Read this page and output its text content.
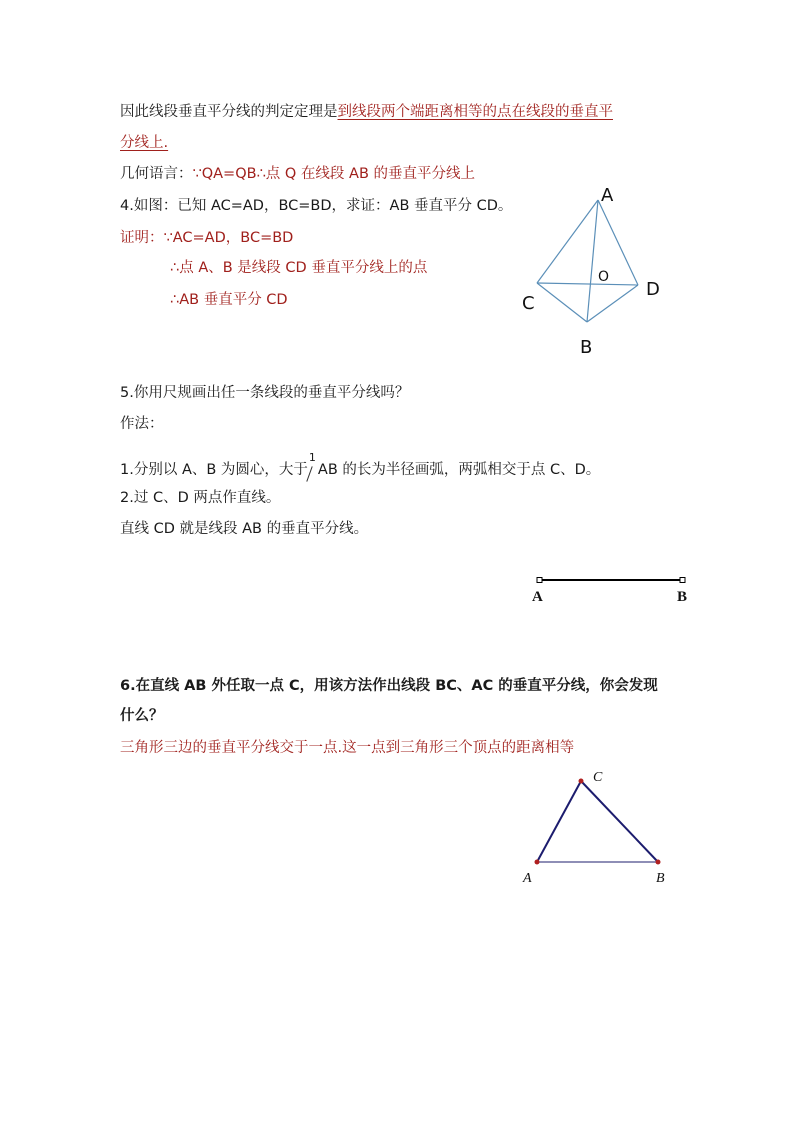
因此线段垂直平分线的判定定理是到线段两个端距离相等的点在线段的垂直平
分线上.
几何语言：∵QA=QB∴点 Q 在线段 AB 的垂直平分线上
4.如图：已知 AC=AD，BC=BD，求证：AB 垂直平分 CD。
证明：∵AC=AD，BC=BD
∴点 A、B 是线段 CD 垂直平分线上的点
∴AB 垂直平分 CD
A
D
C
B
O
5.你用尺规画出任一条线段的垂直平分线吗？
作法：
1.分别以 A、B 为圆心，大于
1
AB 的长为半径画弧，两弧相交于点 C、D。
2.过 C、D 两点作直线。
直线 CD 就是线段 AB 的垂直平分线。
A	B
6.在直线 AB 外任取一点 C，用该方法作出线段 BC、AC 的垂直平分线，你会发现
什么？
三角形三边的垂直平分线交于一点.这一点到三角形三个顶点的距离相等
A	B
C
